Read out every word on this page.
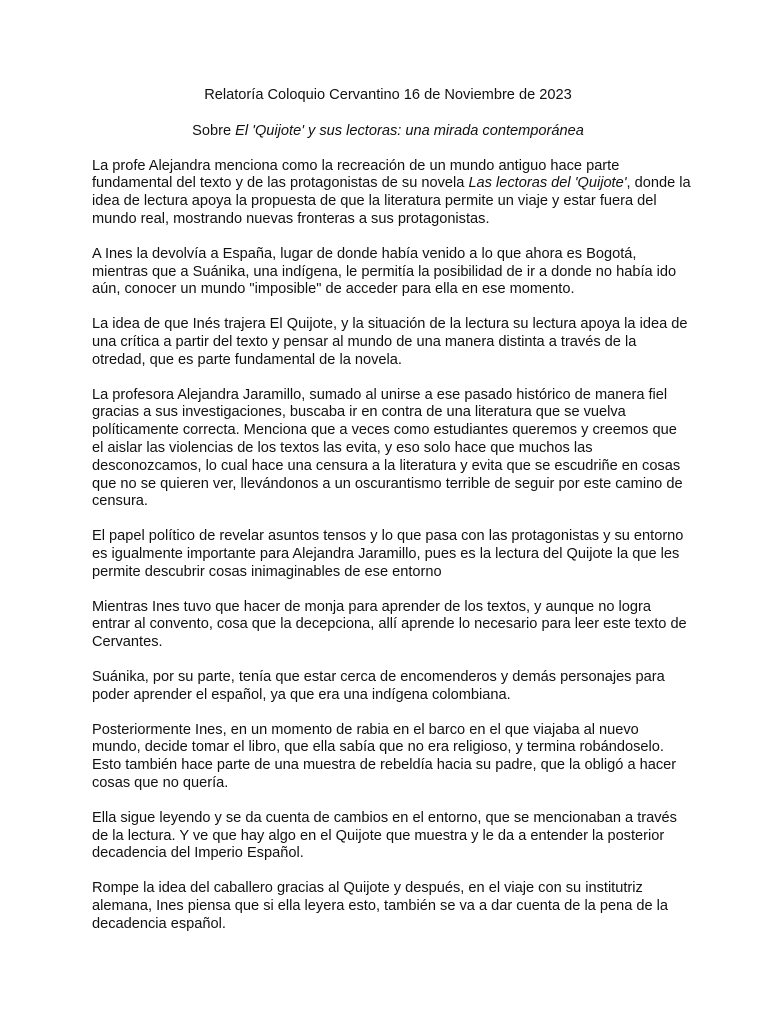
Relatoría Coloquio Cervantino 16 de Noviembre de 2023

Sobre El 'Quijote' y sus lectoras: una mirada contemporánea

La profe Alejandra menciona como la recreación de un mundo antiguo hace parte
fundamental del texto y de las protagonistas de su novela Las lectoras del 'Quijote', donde la
idea de lectura apoya la propuesta de que la literatura permite un viaje y estar fuera del
mundo real, mostrando nuevas fronteras a sus protagonistas.

A Ines la devolvía a España, lugar de donde había venido a lo que ahora es Bogotá,
mientras que a Suánika, una indígena, le permitía la posibilidad de ir a donde no había ido
aún, conocer un mundo "imposible" de acceder para ella en ese momento.

La idea de que Inés trajera El Quijote, y la situación de la lectura su lectura apoya la idea de
una crítica a partir del texto y pensar al mundo de una manera distinta a través de la
otredad, que es parte fundamental de la novela.

La profesora Alejandra Jaramillo, sumado al unirse a ese pasado histórico de manera fiel
gracias a sus investigaciones, buscaba ir en contra de una literatura que se vuelva
políticamente correcta. Menciona que a veces como estudiantes queremos y creemos que
el aislar las violencias de los textos las evita, y eso solo hace que muchos las
desconozcamos, lo cual hace una censura a la literatura y evita que se escudriñe en cosas
que no se quieren ver, llevándonos a un oscurantismo terrible de seguir por este camino de
censura.

El papel político de revelar asuntos tensos y lo que pasa con las protagonistas y su entorno
es igualmente importante para Alejandra Jaramillo, pues es la lectura del Quijote la que les
permite descubrir cosas inimaginables de ese entorno

Mientras Ines tuvo que hacer de monja para aprender de los textos, y aunque no logra
entrar al convento, cosa que la decepciona, allí aprende lo necesario para leer este texto de
Cervantes.

Suánika, por su parte, tenía que estar cerca de encomenderos y demás personajes para
poder aprender el español, ya que era una indígena colombiana.

Posteriormente Ines, en un momento de rabia en el barco en el que viajaba al nuevo
mundo, decide tomar el libro, que ella sabía que no era religioso, y termina robándoselo.
Esto también hace parte de una muestra de rebeldía hacia su padre, que la obligó a hacer
cosas que no quería.

Ella sigue leyendo y se da cuenta de cambios en el entorno, que se mencionaban a través
de la lectura. Y ve que hay algo en el Quijote que muestra y le da a entender la posterior
decadencia del Imperio Español.

Rompe la idea del caballero gracias al Quijote y después, en el viaje con su institutriz
alemana, Ines piensa que si ella leyera esto, también se va a dar cuenta de la pena de la
decadencia español.
